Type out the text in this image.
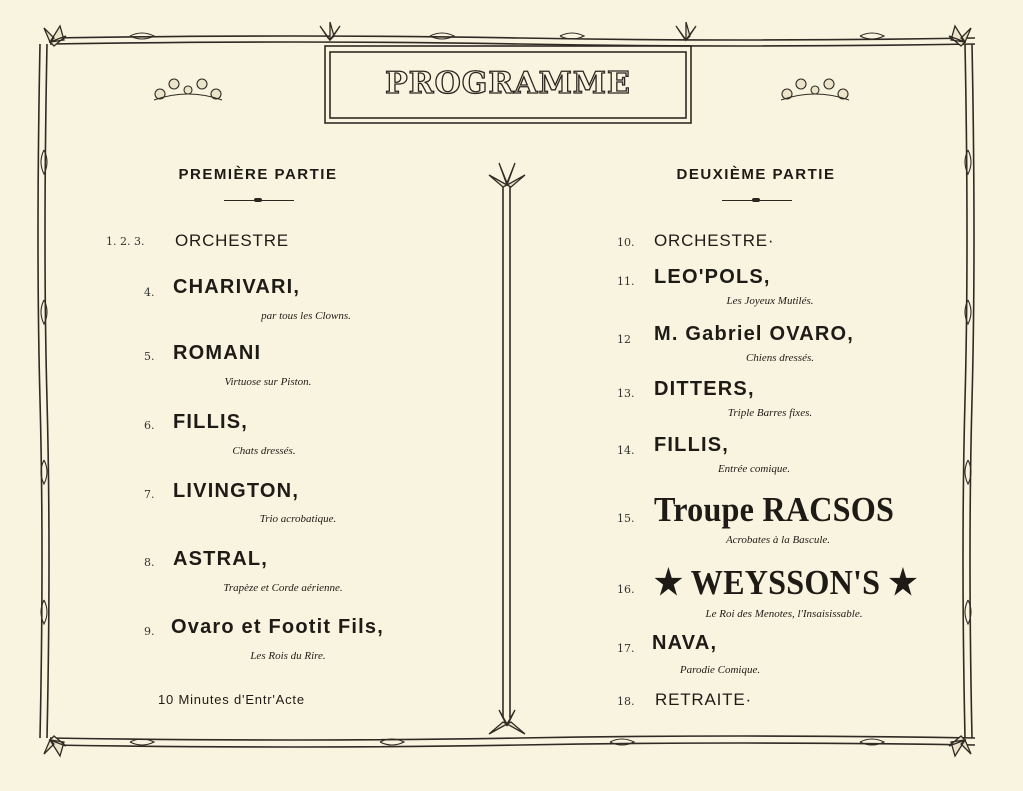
PROGRAMME
PREMIÈRE PARTIE
1. 2. 3. ORCHESTRE
4. CHARIVARI,
par tous les Clowns.
5. ROMANI
Virtuose sur Piston.
6. FILLIS,
Chats dressés.
7. LIVINGTON,
Trio acrobatique.
8. ASTRAL,
Trapèze et Corde aérienne.
9. Ovaro et Footit Fils,
Les Rois du Rire.
10 Minutes d'Entr'Acte
DEUXIÈME PARTIE
10. ORCHESTRE·
11. LEO'POLS,
Les Joyeux Mutilés.
12 M. Gabriel OVARO,
Chiens dressés.
13. DITTERS,
Triple Barres fixes.
14. FILLIS,
Entrée comique.
15. Troupe RACSOS
Acrobates à la Bascule.
16. ★ WEYSSON'S ★
Le Roi des Menotes, l'Insaisissable.
17. NAVA,
Parodie Comique.
18. RETRAITE·
